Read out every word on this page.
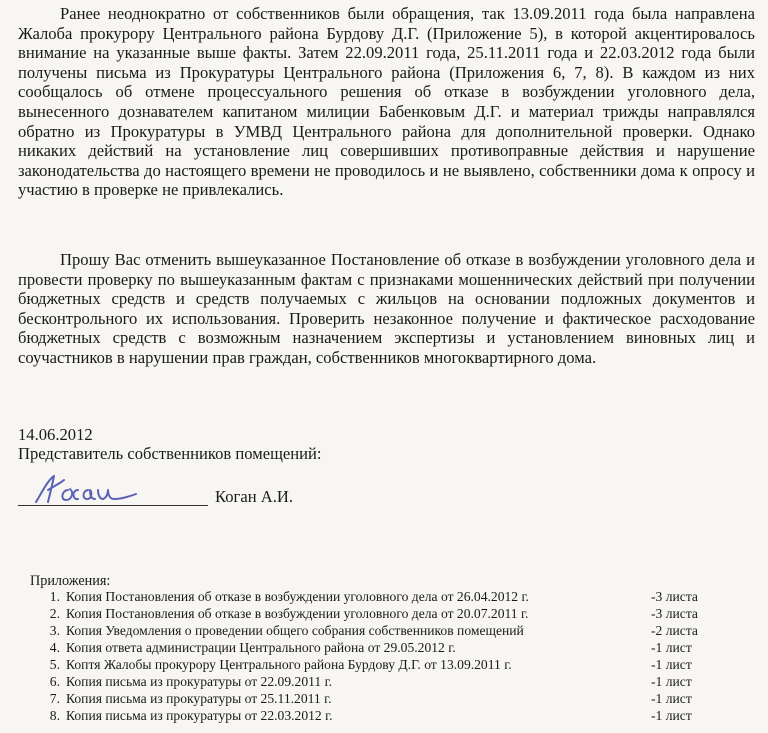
Ранее неоднократно от собственников были обращения, так 13.09.2011 года была направлена Жалоба прокурору Центрального района Бурдову Д.Г. (Приложение 5), в которой акцентировалось внимание на указанные выше факты. Затем 22.09.2011 года, 25.11.2011 года и 22.03.2012 года были получены письма из Прокуратуры Центрального района (Приложения 6, 7, 8). В каждом из них сообщалось об отмене процессуального решения об отказе в возбуждении уголовного дела, вынесенного дознавателем капитаном милиции Бабенковым Д.Г. и материал трижды направлялся обратно из Прокуратуры в УМВД Центрального района для дополнительной проверки. Однако никаких действий на установление лиц совершивших противоправные действия и нарушение законодательства до настоящего времени не проводилось и не выявлено, собственники дома к опросу и участию в проверке не привлекались.

Прошу Вас отменить вышеуказанное Постановление об отказе в возбуждении уголовного дела и провести проверку по вышеуказанным фактам с признаками мошеннических действий при получении бюджетных средств и средств получаемых с жильцов на основании подложных документов и бесконтрольного их использования. Проверить незаконное получение и фактическое расходование бюджетных средств с возможным назначением экспертизы и установлением виновных лиц и соучастников в нарушении прав граждан, собственников многоквартирного дома.

14.06.2012

Представитель собственников помещений:

Коган А.И.

Приложения:

1. Копия Постановления об отказе в возбуждении уголовного дела от 26.04.2012 г.	-3 листа
2. Копия Постановления об отказе в возбуждении уголовного дела от 20.07.2011 г.	-3 листа
3. Копия Уведомления о проведении общего собрания собственников помещений	-2 листа
4. Копия ответа администрации Центрального района от 29.05.2012 г.	-1 лист
5. Коптя Жалобы прокурору Центрального района Бурдову Д.Г. от 13.09.2011 г.	-1 лист
6. Копия письма из прокуратуры от 22.09.2011 г.	-1 лист
7. Копия письма из прокуратуры от 25.11.2011 г.	-1 лист
8. Копия письма из прокуратуры от 22.03.2012 г.	-1 лист
